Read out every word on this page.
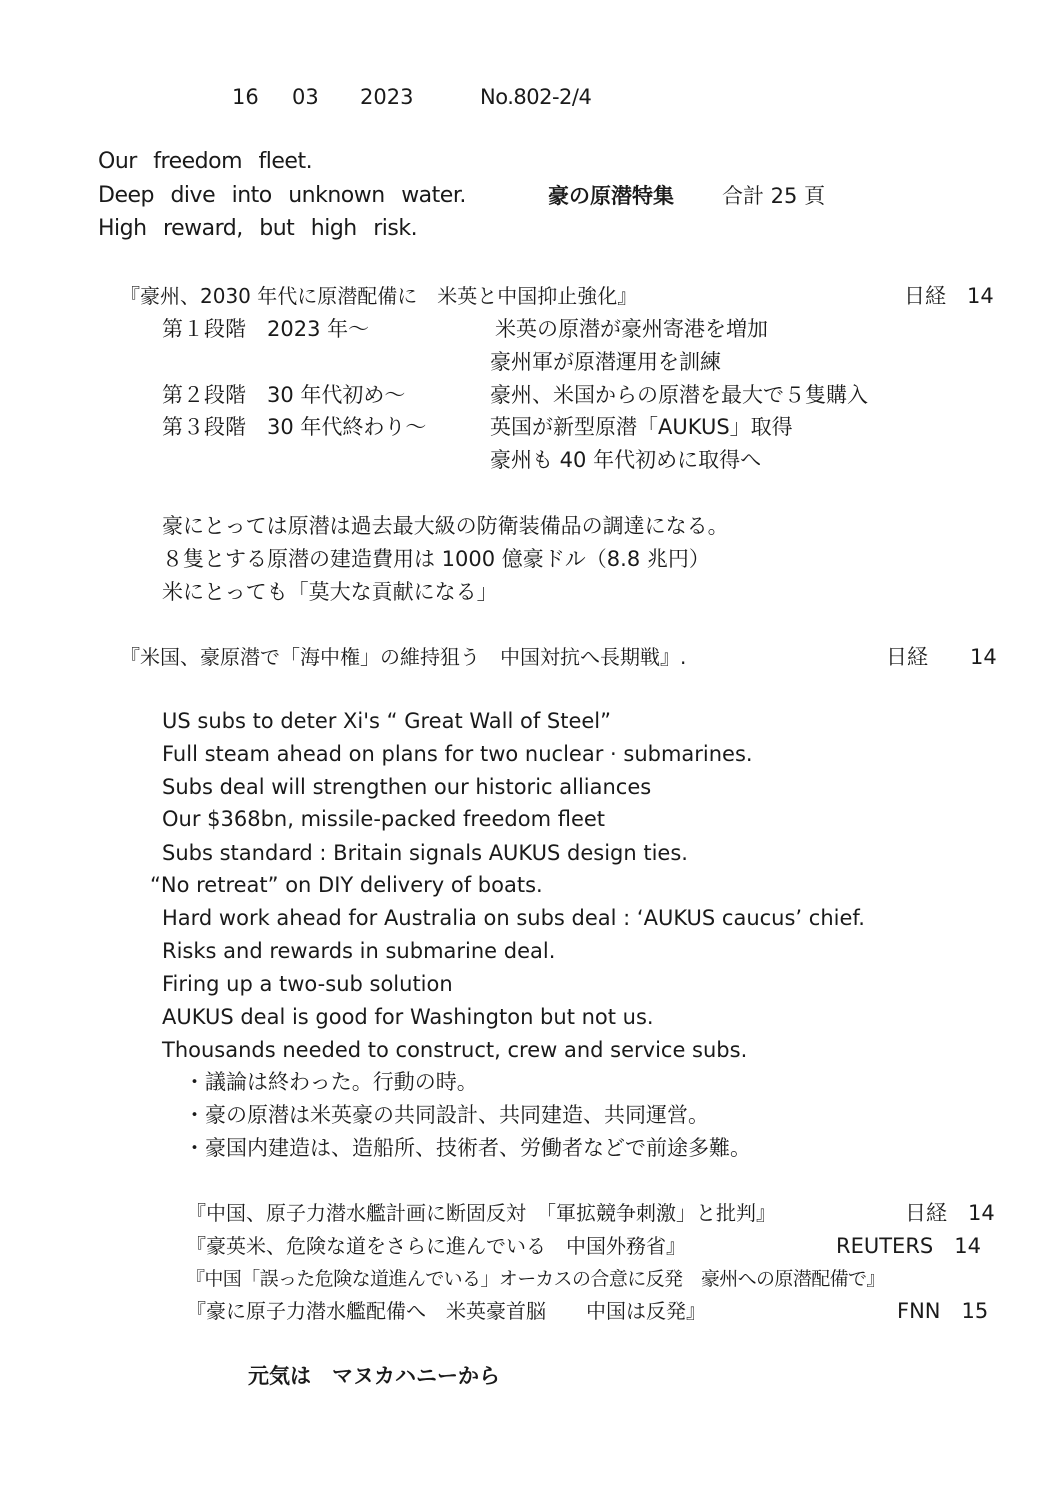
16 03 2023	No.802-2/4
Our freedom fleet.
Deep dive into unknown water.	豪の原潜特集 合計 25 頁
High reward, but high risk.
『豪州、2030 年代に原潜配備に　米英と中国抑止強化』	日経　14
第１段階　2023 年～	米英の原潜が豪州寄港を増加
豪州軍が原潜運用を訓練
第２段階　30 年代初め～	豪州、米国からの原潜を最大で５隻購入
第３段階　30 年代終わり～	英国が新型原潜「AUKUS」取得
豪州も 40 年代初めに取得へ
豪にとっては原潜は過去最大級の防衛装備品の調達になる。
８隻とする原潜の建造費用は 1000 億豪ドル（8.8 兆円）
米にとっても「莫大な貢献になる」
『米国、豪原潜で「海中権」の維持狙う　中国対抗へ長期戦』.	日経　　14
US subs to deter Xi's “ Great Wall of Steel”
Full steam ahead on plans for two nuclear · submarines.
Subs deal will strengthen our historic alliances
Our $368bn, missile-packed freedom fleet
Subs standard : Britain signals AUKUS design ties.
“No retreat” on DIY delivery of boats.
Hard work ahead for Australia on subs deal : ‘AUKUS caucus’ chief.
Risks and rewards in submarine deal.
Firing up a two-sub solution
AUKUS deal is good for Washington but not us.
Thousands needed to construct, crew and service subs.
・ 議論は終わった。行動の時。
・ 豪の原潜は米英豪の共同設計、共同建造、共同運営。
・ 豪国内建造は、造船所、技術者、労働者などで前途多難。
『中国、原子力潜水艦計画に断固反対　「軍拡競争刺激」と批判』	日経　14
『豪英米、危険な道をさらに進んでいる　中国外務省』	REUTERS　14
『中国「誤った危険な道進んでいる」オーカスの合意に反発　豪州への原潜配備で』
『豪に原子力潜水艦配備へ　米英豪首脳　　中国は反発』	FNN　15
元気は　マヌカハニーから
